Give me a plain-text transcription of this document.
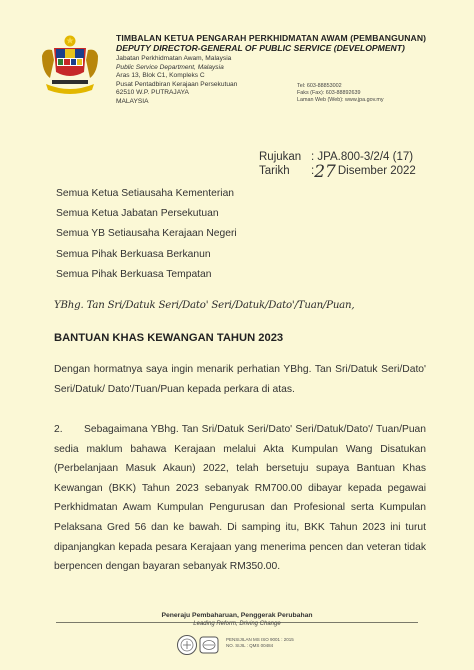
TIMBALAN KETUA PENGARAH PERKHIDMATAN AWAM (PEMBANGUNAN)
DEPUTY DIRECTOR-GENERAL OF PUBLIC SERVICE (DEVELOPMENT)
Jabatan Perkhidmatan Awam, Malaysia
Public Service Department, Malaysia
Aras 13, Blok C1, Kompleks C
Pusat Pentadbiran Kerajaan Persekutuan
62510 W.P. PUTRAJAYA
MALAYSIA
Tel: 603-88853002
Faks (Fax): 603-88892639
Laman Web (Web): www.jpa.gov.my
Rujukan : JPA.800-3/2/4 (17)
Tarikh :27 Disember 2022
Semua Ketua Setiausaha Kementerian
Semua Ketua Jabatan Persekutuan
Semua YB Setiausaha Kerajaan Negeri
Semua Pihak Berkuasa Berkanun
Semua Pihak Berkuasa Tempatan
YBhg. Tan Sri/Datuk Seri/Dato' Seri/Datuk/Dato'/Tuan/Puan,
BANTUAN KHAS KEWANGAN TAHUN 2023
Dengan hormatnya saya ingin menarik perhatian YBhg. Tan Sri/Datuk Seri/Dato' Seri/Datuk/ Dato'/Tuan/Puan kepada perkara di atas.
2. Sebagaimana YBhg. Tan Sri/Datuk Seri/Dato' Seri/Datuk/Dato'/ Tuan/Puan sedia maklum bahawa Kerajaan melalui Akta Kumpulan Wang Disatukan (Perbelanjaan Masuk Akaun) 2022, telah bersetuju supaya Bantuan Khas Kewangan (BKK) Tahun 2023 sebanyak RM700.00 dibayar kepada pegawai Perkhidmatan Awam Kumpulan Pengurusan dan Profesional serta Kumpulan Pelaksana Gred 56 dan ke bawah. Di samping itu, BKK Tahun 2023 ini turut dipanjangkan kepada pesara Kerajaan yang menerima pencen dan veteran tidak berpencen dengan bayaran sebanyak RM350.00.
Peneraju Pembaharuan, Penggerak Perubahan
Leading Reform, Driving Change
PENSIJILAN MS ISO 9001 : 2015
NO. SIJIL : QMS 00484
